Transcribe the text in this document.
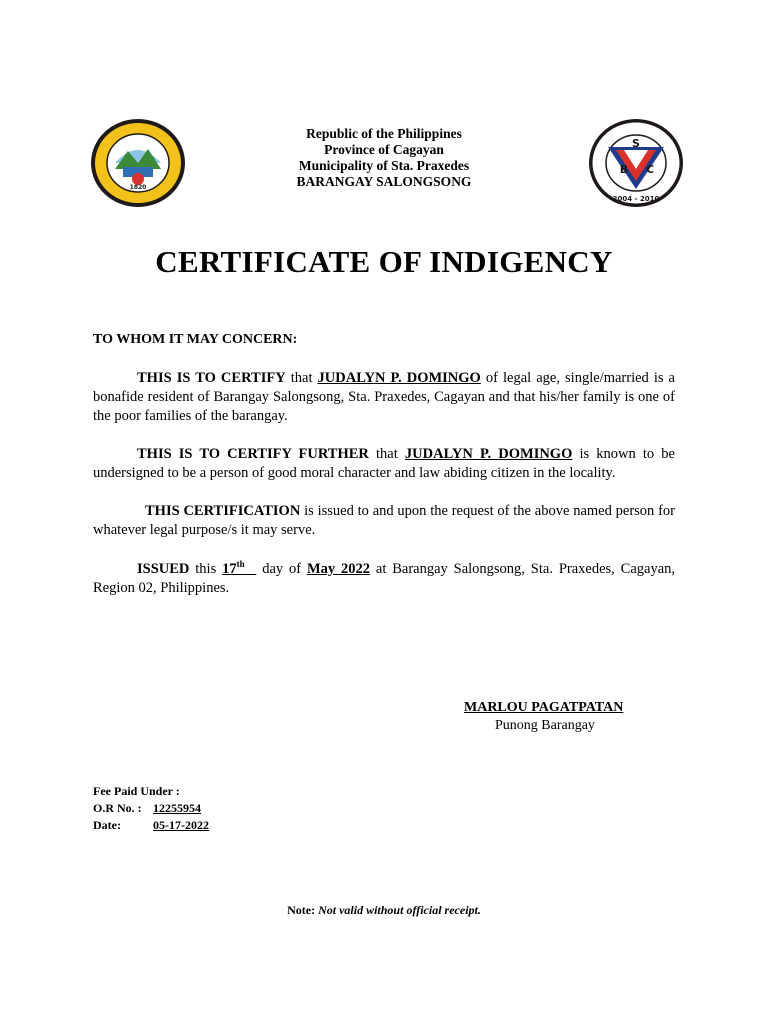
1820
S
B C
2004 - 2010
Republic of the Philippines
Province of Cagayan
Municipality of Sta. Praxedes
BARANGAY SALONGSONG
CERTIFICATE OF INDIGENCY
TO WHOM IT MAY CONCERN:
THIS IS TO CERTIFY that JUDALYN P. DOMINGO of legal age, single/married is a bonafide resident of Barangay Salongsong, Sta. Praxedes, Cagayan and that his/her family is one of the poor families of the barangay.
THIS IS TO CERTIFY FURTHER that JUDALYN P. DOMINGO is known to be undersigned to be a person of good moral character and law abiding citizen in the locality.
THIS CERTIFICATION is issued to and upon the request of the above named person for whatever legal purpose/s it may serve.
ISSUED this 17th   day of May 2022 at Barangay Salongsong, Sta. Praxedes, Cagayan, Region 02, Philippines.
MARLOU PAGATPATAN
Punong Barangay
Fee Paid Under :
O.R No. : 12255954
Date:	05-17-2022
Note: Not valid without official receipt.
